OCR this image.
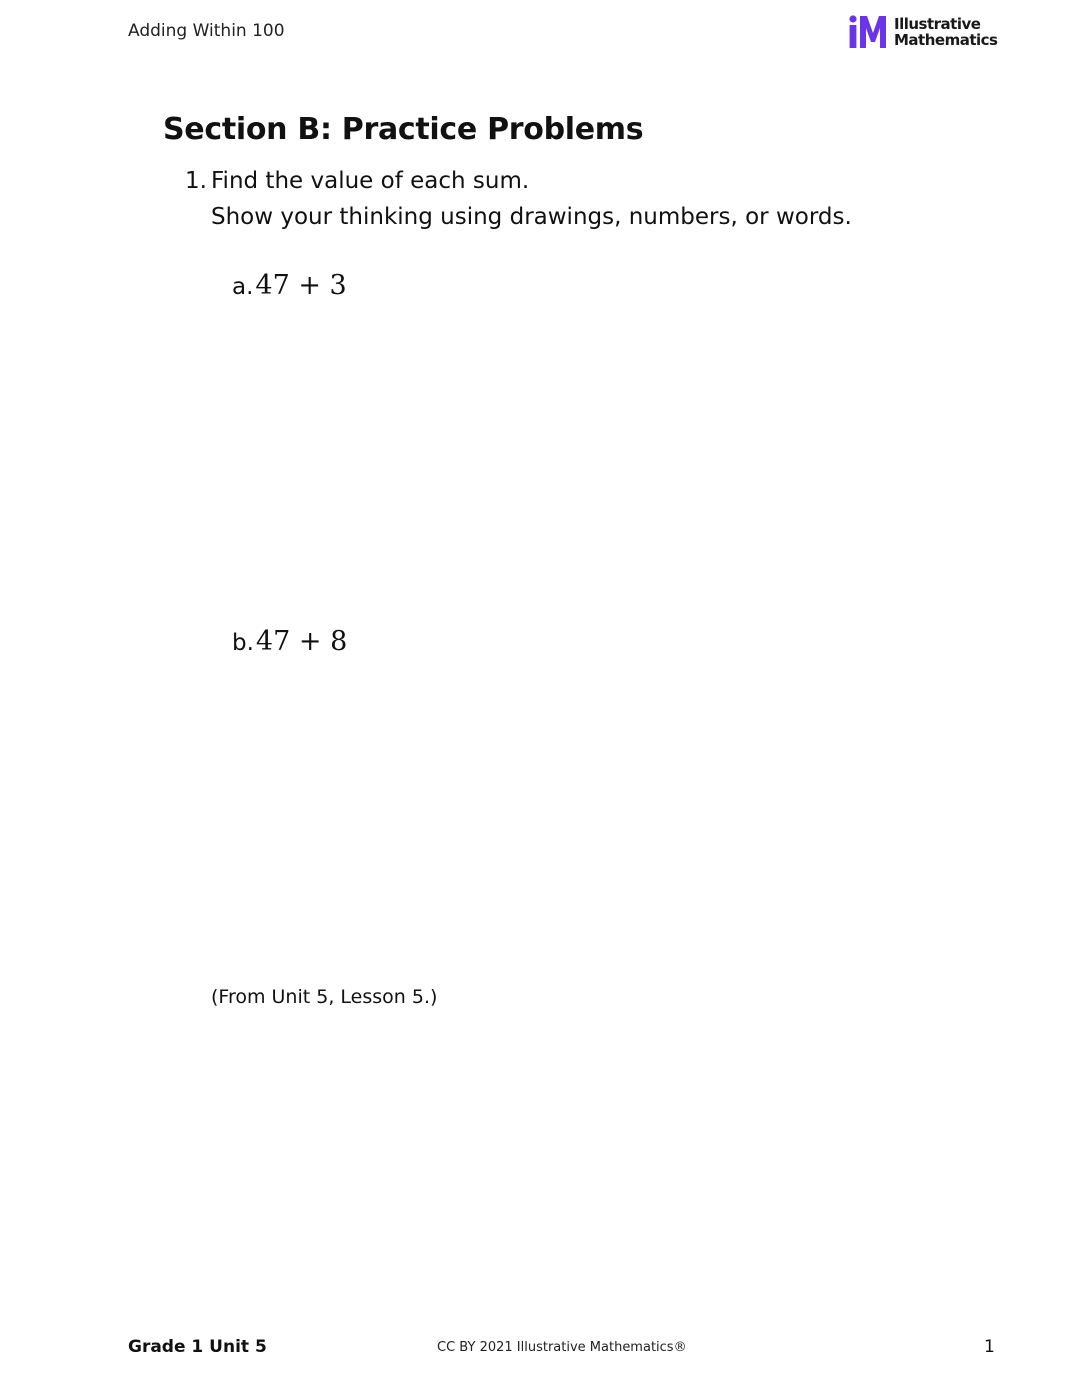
Adding Within 100	Illustrative
Mathematics
Section B: Practice Problems
1. Find the value of each sum.
Show your thinking using drawings, numbers, or words.
a.47 + 3
b.47 + 8
(From Unit 5, Lesson 5.)
Grade 1 Unit 5	CC BY 2021 Illustrative Mathematics®	1
